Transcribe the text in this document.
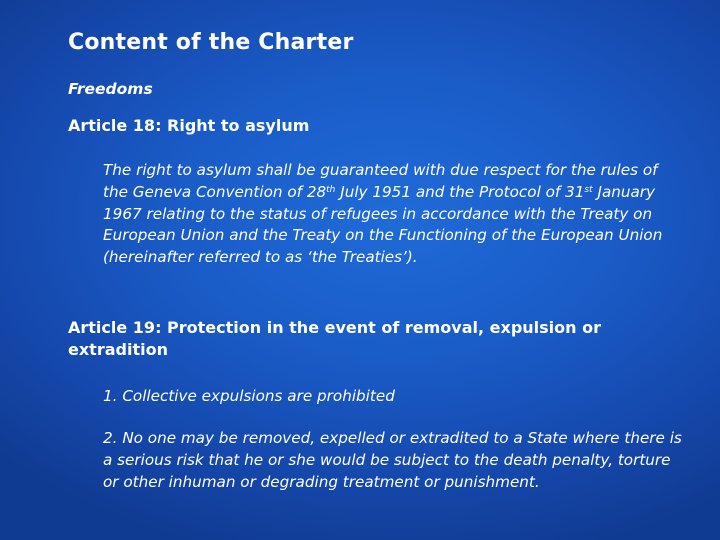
Content of the Charter

Freedoms

Article 18: Right to asylum

The right to asylum shall be guaranteed with due respect for the rules of the Geneva Convention of 28th July 1951 and the Protocol of 31st January 1967 relating to the status of refugees in accordance with the Treaty on European Union and the Treaty on the Functioning of the European Union (hereinafter referred to as ‘the Treaties’).

Article 19: Protection in the event of removal, expulsion or extradition

1. Collective expulsions are prohibited

2. No one may be removed, expelled or extradited to a State where there is a serious risk that he or she would be subject to the death penalty, torture or other inhuman or degrading treatment or punishment.
